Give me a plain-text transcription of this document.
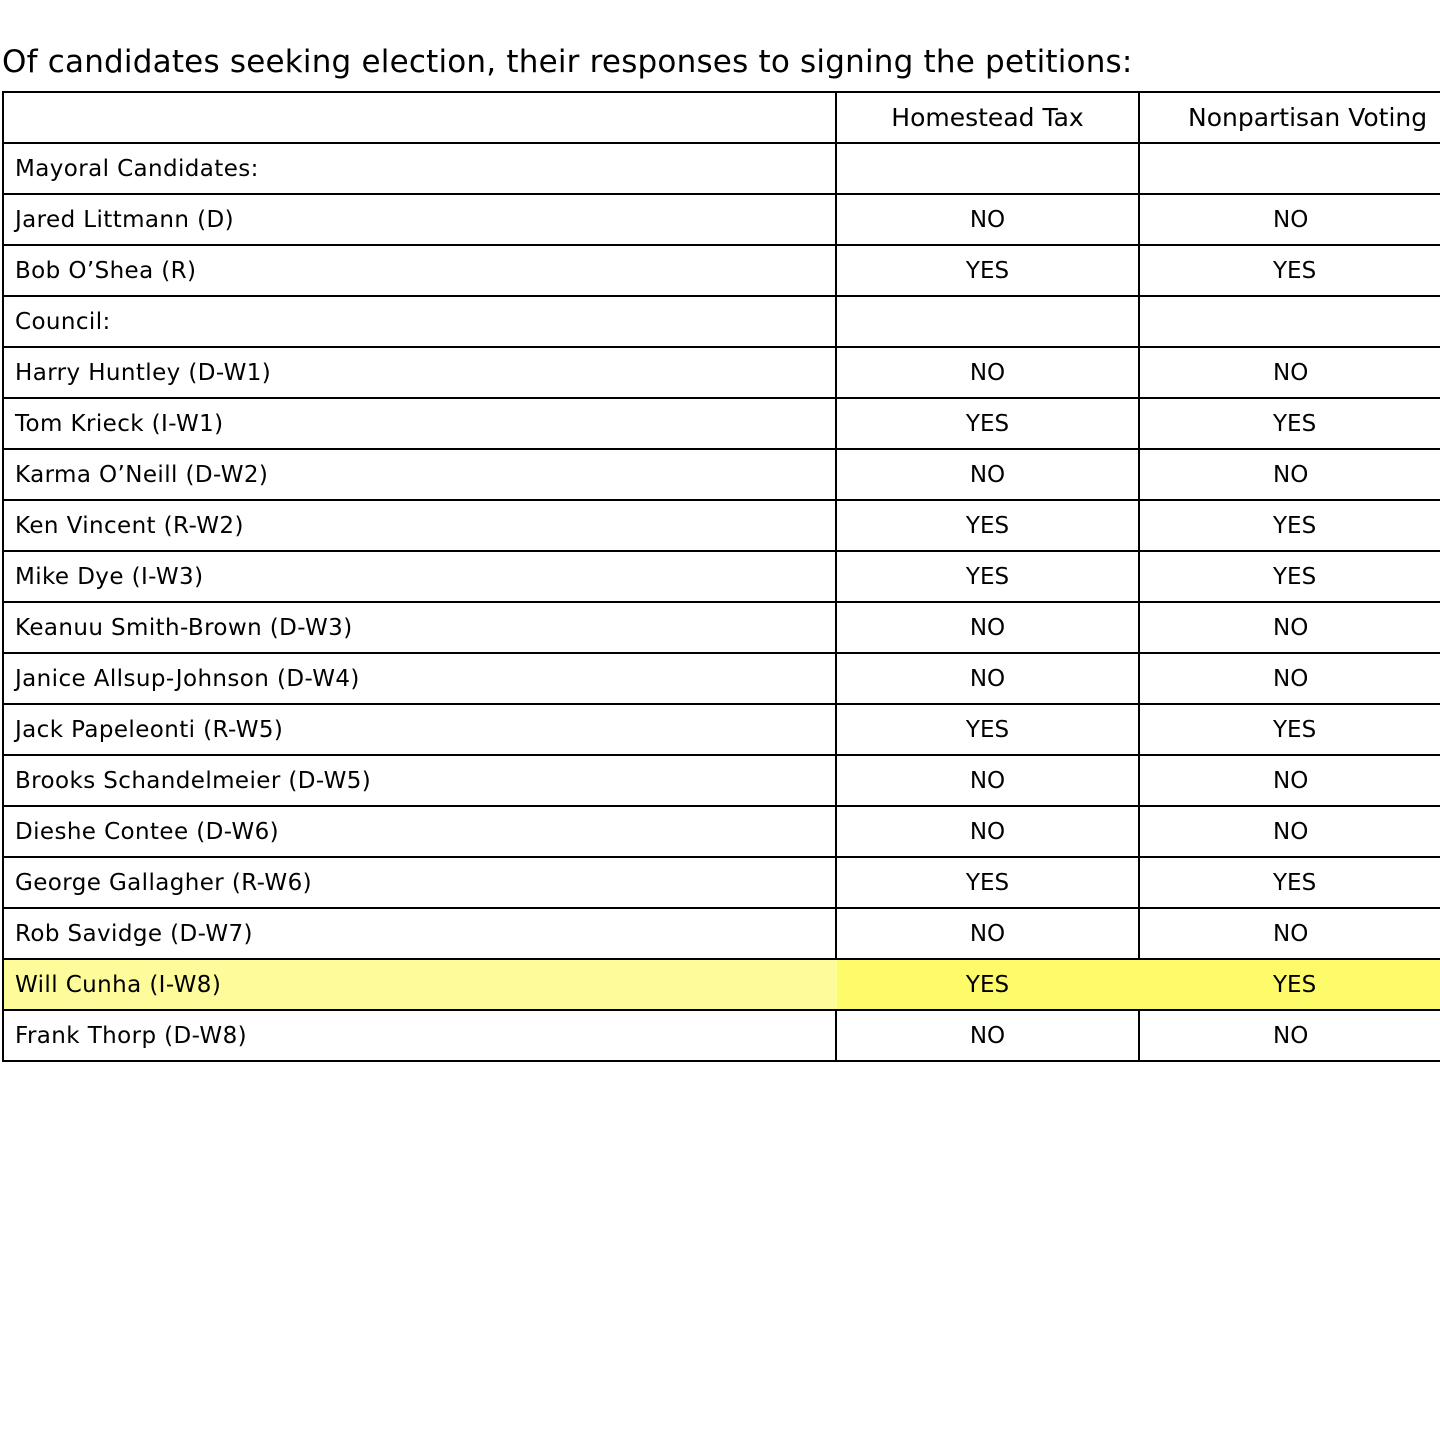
Of candidates seeking election, their responses to signing the petitions:
	Homestead Tax	Nonpartisan Voting
Mayoral Candidates:		
Jared Littmann (D)	NO	NO
Bob O’Shea (R)	YES	YES
Council:		
Harry Huntley (D-W1)	NO	NO
Tom Krieck (I-W1)	YES	YES
Karma O’Neill (D-W2)	NO	NO
Ken Vincent (R-W2)	YES	YES
Mike Dye (I-W3)	YES	YES
Keanuu Smith-Brown (D-W3)	NO	NO
Janice Allsup-Johnson (D-W4)	NO	NO
Jack Papeleonti (R-W5)	YES	YES
Brooks Schandelmeier (D-W5)	NO	NO
Dieshe Contee (D-W6)	NO	NO
George Gallagher (R-W6)	YES	YES
Rob Savidge (D-W7)	NO	NO
Will Cunha (I-W8)	YES	YES
Frank Thorp (D-W8)	NO	NO
